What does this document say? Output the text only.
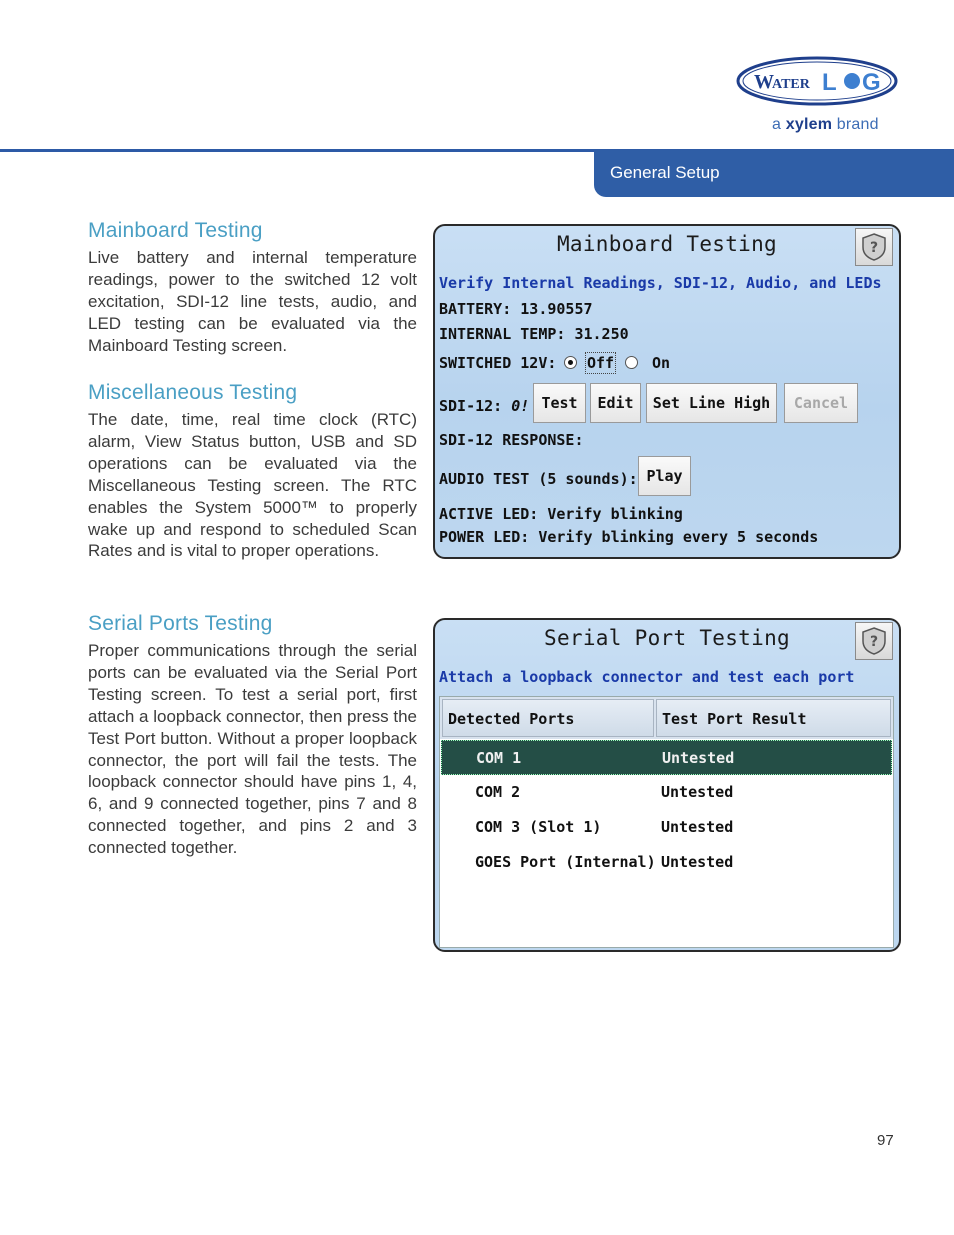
W
ATER L G
a xylem brand
General Setup
Mainboard Testing

Live battery and internal temperature readings, power to the switched 12 volt excitation, SDI-12 line tests, audio, and LED testing can be evaluated via the Mainboard Testing screen.

Miscellaneous Testing

The date, time, real time clock (RTC) alarm, View Status button, USB and SD operations can be evaluated via the Miscellaneous Testing screen. The RTC enables the System 5000™ to properly wake up and respond to scheduled Scan Rates and is vital to proper operations.

Serial Ports Testing

Proper communications through the serial ports can be evaluated via the Serial Port Testing screen. To test a serial port, first attach a loopback connector, then press the Test Port button. Without a proper loopback connector, the port will fail the tests. The loopback connector should have pins 1, 4, 6, and 9 connected together, pins 7 and 8 connected together, and pins 2 and 3 connected together.

Mainboard Testing	?
Verify Internal Readings, SDI-12, Audio, and LEDs
BATTERY: 13.90557
INTERNAL TEMP: 31.250
SWITCHED 12V: Off	On
SDI-12: 0! Test	Edit	Set Line High	Cancel
SDI-12 RESPONSE:
AUDIO TEST (5 sounds): Play
ACTIVE LED: Verify blinking
POWER LED: Verify blinking every 5 seconds
Serial Port Testing	?
Attach a loopback connector and test each port
Detected Ports	Test Port Result
COM 1	Untested
COM 2	Untested
COM 3 (Slot 1)	Untested
GOES Port (Internal) Untested
97
